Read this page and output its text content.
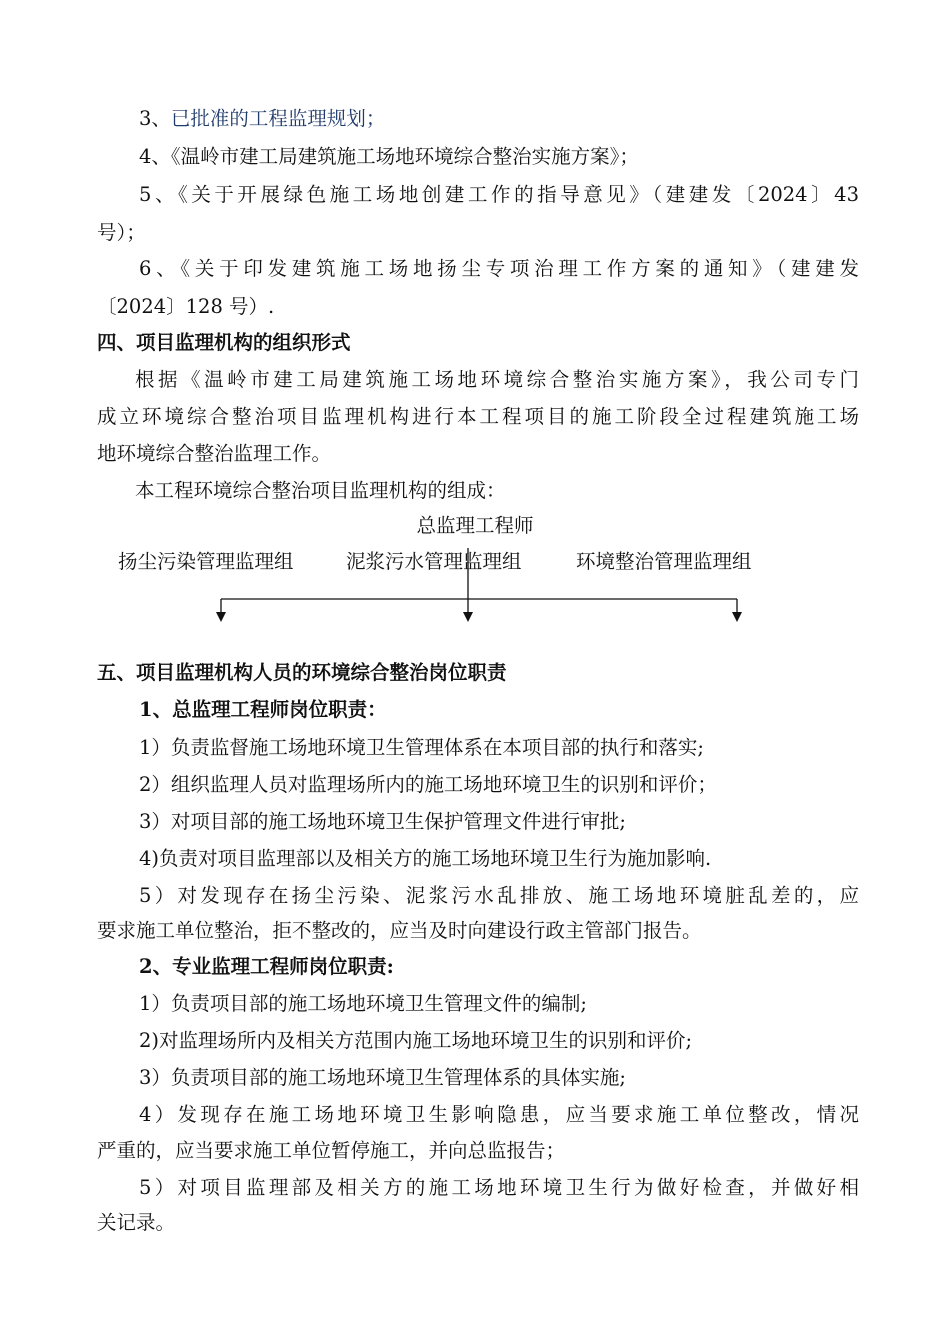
3、已批准的工程监理规划；
4、《温岭市建工局建筑施工场地环境综合整治实施方案》；
5、《关于开展绿色施工场地创建工作的指导意见》（建建发〔2024〕43
号）；
6、《关于印发建筑施工场地扬尘专项治理工作方案的通知》（建建发
〔2024〕128 号）.
四、项目监理机构的组织形式
根据《温岭市建工局建筑施工场地环境综合整治实施方案》，我公司专门
成立环境综合整治项目监理机构进行本工程项目的施工阶段全过程建筑施工场
地环境综合整治监理工作。
本工程环境综合整治项目监理机构的组成：
总监理工程师
扬尘污染管理监理组	泥浆污水管理监理组	环境整治管理监理组
五、项目监理机构人员的环境综合整治岗位职责
1、总监理工程师岗位职责：
1）负责监督施工场地环境卫生管理体系在本项目部的执行和落实;
2）组织监理人员对监理场所内的施工场地环境卫生的识别和评价；
3）对项目部的施工场地环境卫生保护管理文件进行审批;
4)负责对项目监理部以及相关方的施工场地环境卫生行为施加影响.
5）对发现存在扬尘污染、泥浆污水乱排放、施工场地环境脏乱差的，应
要求施工单位整治，拒不整改的，应当及时向建设行政主管部门报告。
2、专业监理工程师岗位职责:
1）负责项目部的施工场地环境卫生管理文件的编制;
2)对监理场所内及相关方范围内施工场地环境卫生的识别和评价;
3）负责项目部的施工场地环境卫生管理体系的具体实施;
4）发现存在施工场地环境卫生影响隐患，应当要求施工单位整改，情况
严重的，应当要求施工单位暂停施工，并向总监报告；
5）对项目监理部及相关方的施工场地环境卫生行为做好检查，并做好相
关记录。
